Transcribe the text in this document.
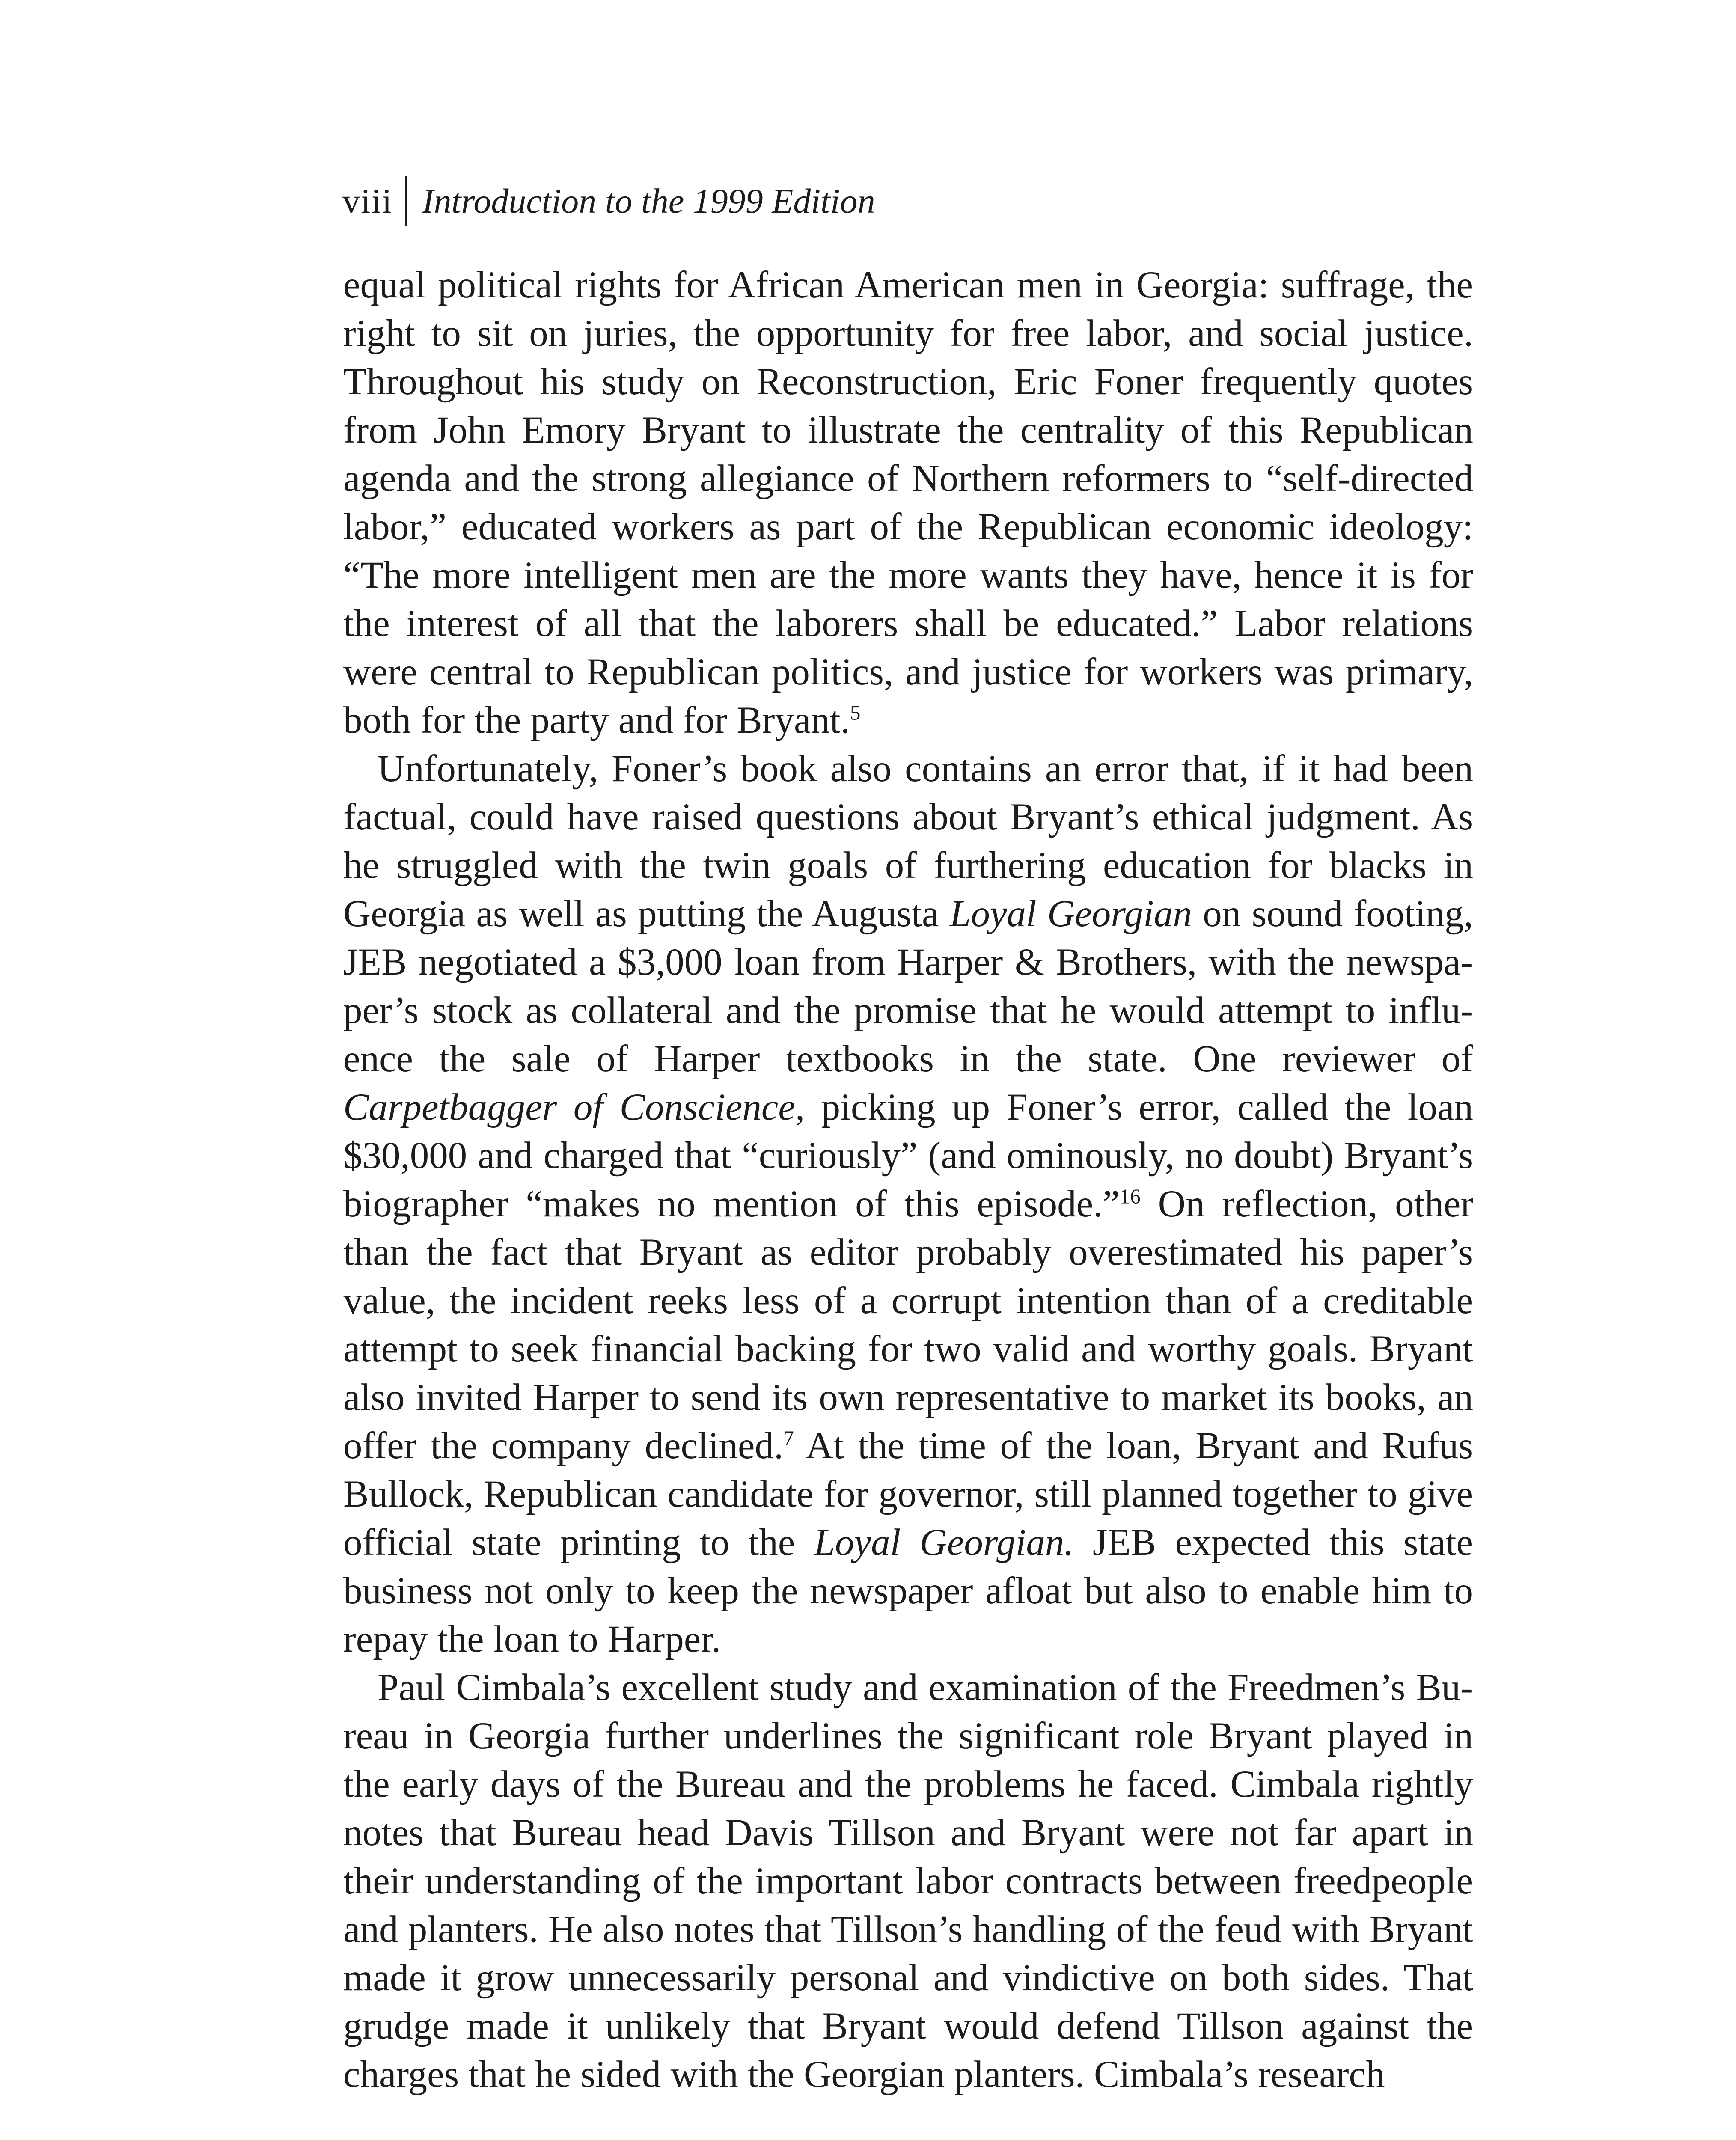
viii Introduction to the 1999 Edition

equal political rights for African American men in Georgia: suffrage, the right to sit on juries, the opportunity for free labor, and social justice. Throughout his study on Reconstruction, Eric Foner frequently quotes from John Emory Bryant to illustrate the centrality of this Republican agenda and the strong allegiance of Northern reformers to “self-directed labor,” educated workers as part of the Republican economic ideology: “The more intelligent men are the more wants they have, hence it is for the interest of all that the laborers shall be educated.” Labor relations were central to Republican politics, and justice for workers was primary, both for the party and for Bryant.$^5$

Unfortunately, Foner’s book also contains an error that, if it had been factual, could have raised questions about Bryant’s ethical judgment. As he struggled with the twin goals of furthering education for blacks in Georgia as well as putting the Augusta Loyal Georgian on sound footing, JEB negotiated a $3,000 loan from Harper & Brothers, with the newspaper’s stock as collateral and the promise that he would attempt to influence the sale of Harper textbooks in the state. One reviewer of Carpetbagger of Conscience, picking up Foner’s error, called the loan $30,000 and charged that “curiously” (and ominously, no doubt) Bryant’s biographer “makes no mention of this episode.”$^{16}$ On reflection, other than the fact that Bryant as editor probably overestimated his paper’s value, the incident reeks less of a corrupt intention than of a creditable attempt to seek financial backing for two valid and worthy goals. Bryant also invited Harper to send its own representative to market its books, an offer the company declined.$^7$ At the time of the loan, Bryant and Rufus Bullock, Republican candidate for governor, still planned together to give official state printing to the Loyal Georgian. JEB expected this state business not only to keep the newspaper afloat but also to enable him to repay the loan to Harper.

Paul Cimbala’s excellent study and examination of the Freedmen’s Bureau in Georgia further underlines the significant role Bryant played in the early days of the Bureau and the problems he faced. Cimbala rightly notes that Bureau head Davis Tillson and Bryant were not far apart in their understanding of the important labor contracts between freedpeople and planters. He also notes that Tillson’s handling of the feud with Bryant made it grow unnecessarily personal and vindictive on both sides. That grudge made it unlikely that Bryant would defend Tillson against the charges that he sided with the Georgian planters. Cimbala’s research
